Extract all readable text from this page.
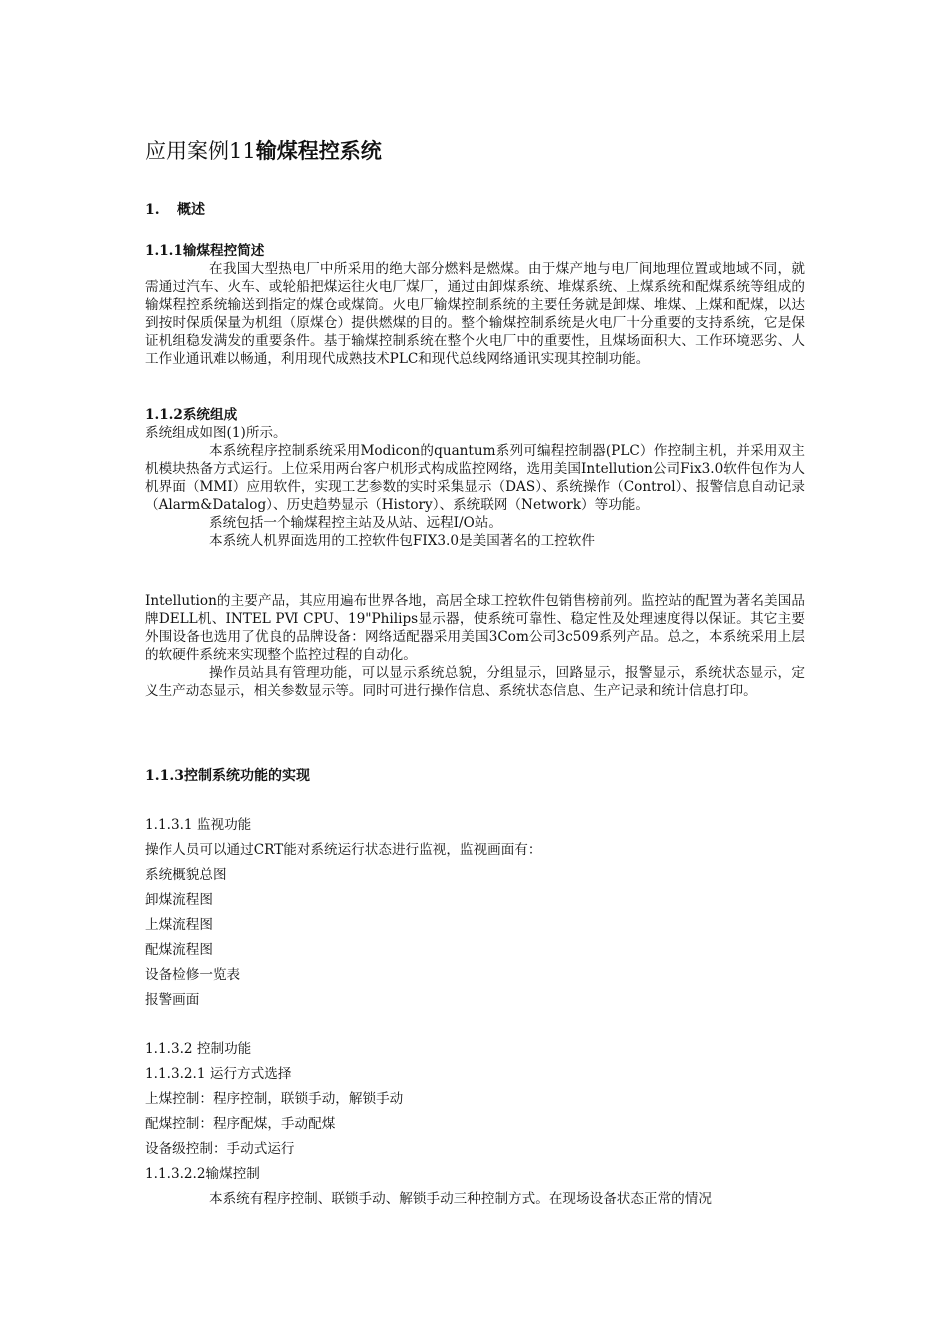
应用案例11输煤程控系统
1. 概述
1.1.1输煤程控简述

在我国大型热电厂中所采用的绝大部分燃料是燃煤。由于煤产地与电厂间地理位置或地域不同，就需通过汽车、火车、或轮船把煤运往火电厂煤厂，通过由卸煤系统、堆煤系统、上煤系统和配煤系统等组成的输煤程控系统输送到指定的煤仓或煤筒。火电厂输煤控制系统的主要任务就是卸煤、堆煤、上煤和配煤，以达到按时保质保量为机组（原煤仓）提供燃煤的目的。整个输煤控制系统是火电厂十分重要的支持系统，它是保证机组稳发满发的重要条件。基于输煤控制系统在整个火电厂中的重要性，且煤场面积大、工作环境恶劣、人工作业通讯难以畅通，利用现代成熟技术PLC和现代总线网络通讯实现其控制功能。

1.1.2系统组成

系统组成如图(1)所示。

本系统程序控制系统采用Modicon的quantum系列可编程控制器(PLC）作控制主机，并采用双主机模块热备方式运行。上位采用两台客户机形式构成监控网络，选用美国Intellution公司Fix3.0软件包作为人机界面（MMI）应用软件，实现工艺参数的实时采集显示（DAS）、系统操作（Control）、报警信息自动记录（Alarm&Datalog）、历史趋势显示（History）、系统联网（Network）等功能。

系统包括一个输煤程控主站及从站、远程I/O站。

本系统人机界面选用的工控软件包FIX3.0是美国著名的工控软件

Intellution的主要产品，其应用遍布世界各地，高居全球工控软件包销售榜前列。监控站的配置为著名美国品牌DELL机、INTEL PⅥ CPU、19"Philips显示器，使系统可靠性、稳定性及处理速度得以保证。其它主要外围设备也选用了优良的品牌设备：网络适配器采用美国3Com公司3c509系列产品。总之，本系统采用上层的软硬件系统来实现整个监控过程的自动化。

操作员站具有管理功能，可以显示系统总貌，分组显示，回路显示，报警显示，系统状态显示，定义生产动态显示，相关参数显示等。同时可进行操作信息、系统状态信息、生产记录和统计信息打印。

1.1.3控制系统功能的实现
1.1.3.1 监视功能
操作人员可以通过CRT能对系统运行状态进行监视，监视画面有：
系统概貌总图
卸煤流程图
上煤流程图
配煤流程图
设备检修一览表
报警画面
1.1.3.2 控制功能
1.1.3.2.1 运行方式选择
上煤控制：程序控制，联锁手动，解锁手动
配煤控制：程序配煤，手动配煤
设备级控制：手动式运行
1.1.3.2.2输煤控制
本系统有程序控制、联锁手动、解锁手动三种控制方式。在现场设备状态正常的情况
